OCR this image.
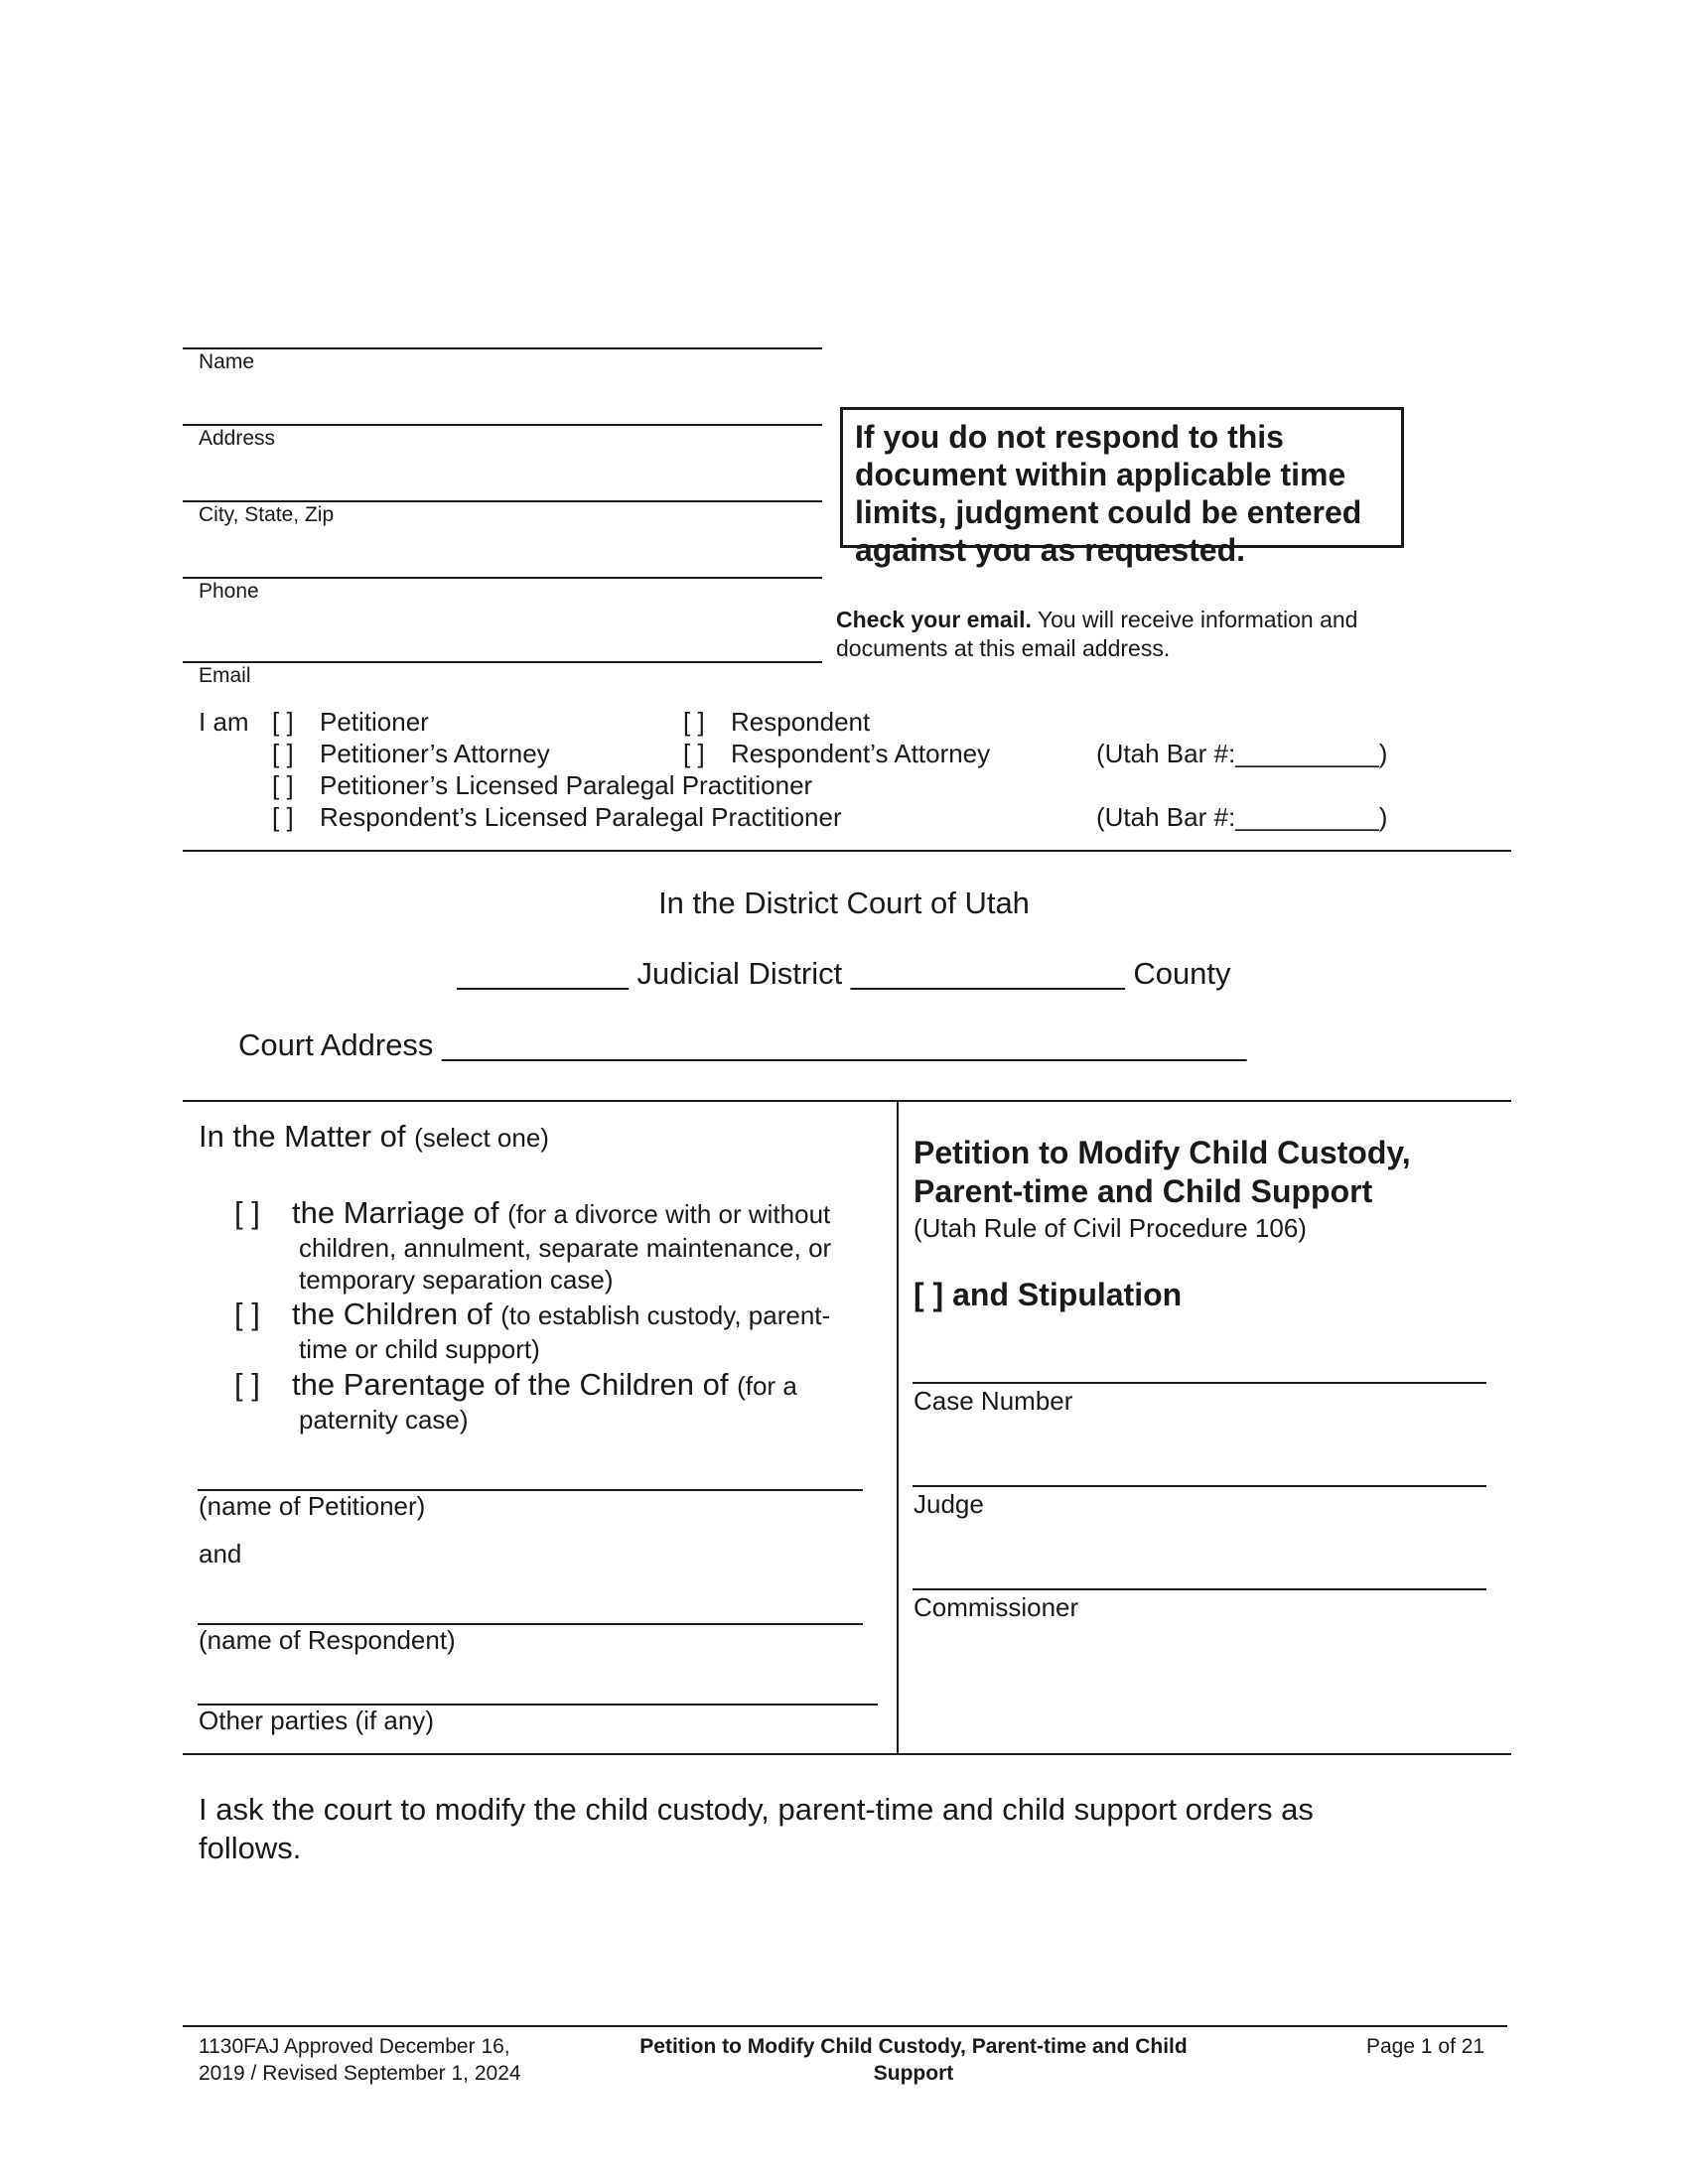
Name
Address
City, State, Zip
Phone
Email
If you do not respond to this document within applicable time limits, judgment could be entered against you as requested.
Check your email. You will receive information and documents at this email address.
I am [ ] Petitioner	[ ] Respondent
[ ] Petitioner’s Attorney	[ ] Respondent’s Attorney	(Utah Bar #:__________)
[ ] Petitioner’s Licensed Paralegal Practitioner
[ ] Respondent’s Licensed Paralegal Practitioner	(Utah Bar #:__________)
In the District Court of Utah
__________ Judicial District ________________ County
Court Address _______________________________________________
In the Matter of (select one)
[ ] the Marriage of (for a divorce with or without
children, annulment, separate maintenance, or
temporary separation case)
[ ] the Children of (to establish custody, parent-
time or child support)
[ ] the Parentage of the Children of (for a
paternity case)
(name of Petitioner)
and
(name of Respondent)
Other parties (if any)
Petition to Modify Child Custody,
Parent-time and Child Support
(Utah Rule of Civil Procedure 106)
[ ] and Stipulation
Case Number
Judge
Commissioner
I ask the court to modify the child custody, parent-time and child support orders as
follows.
1130FAJ Approved December 16,
2019 / Revised September 1, 2024
Petition to Modify Child Custody, Parent-time and Child
Support
Page 1 of 21
